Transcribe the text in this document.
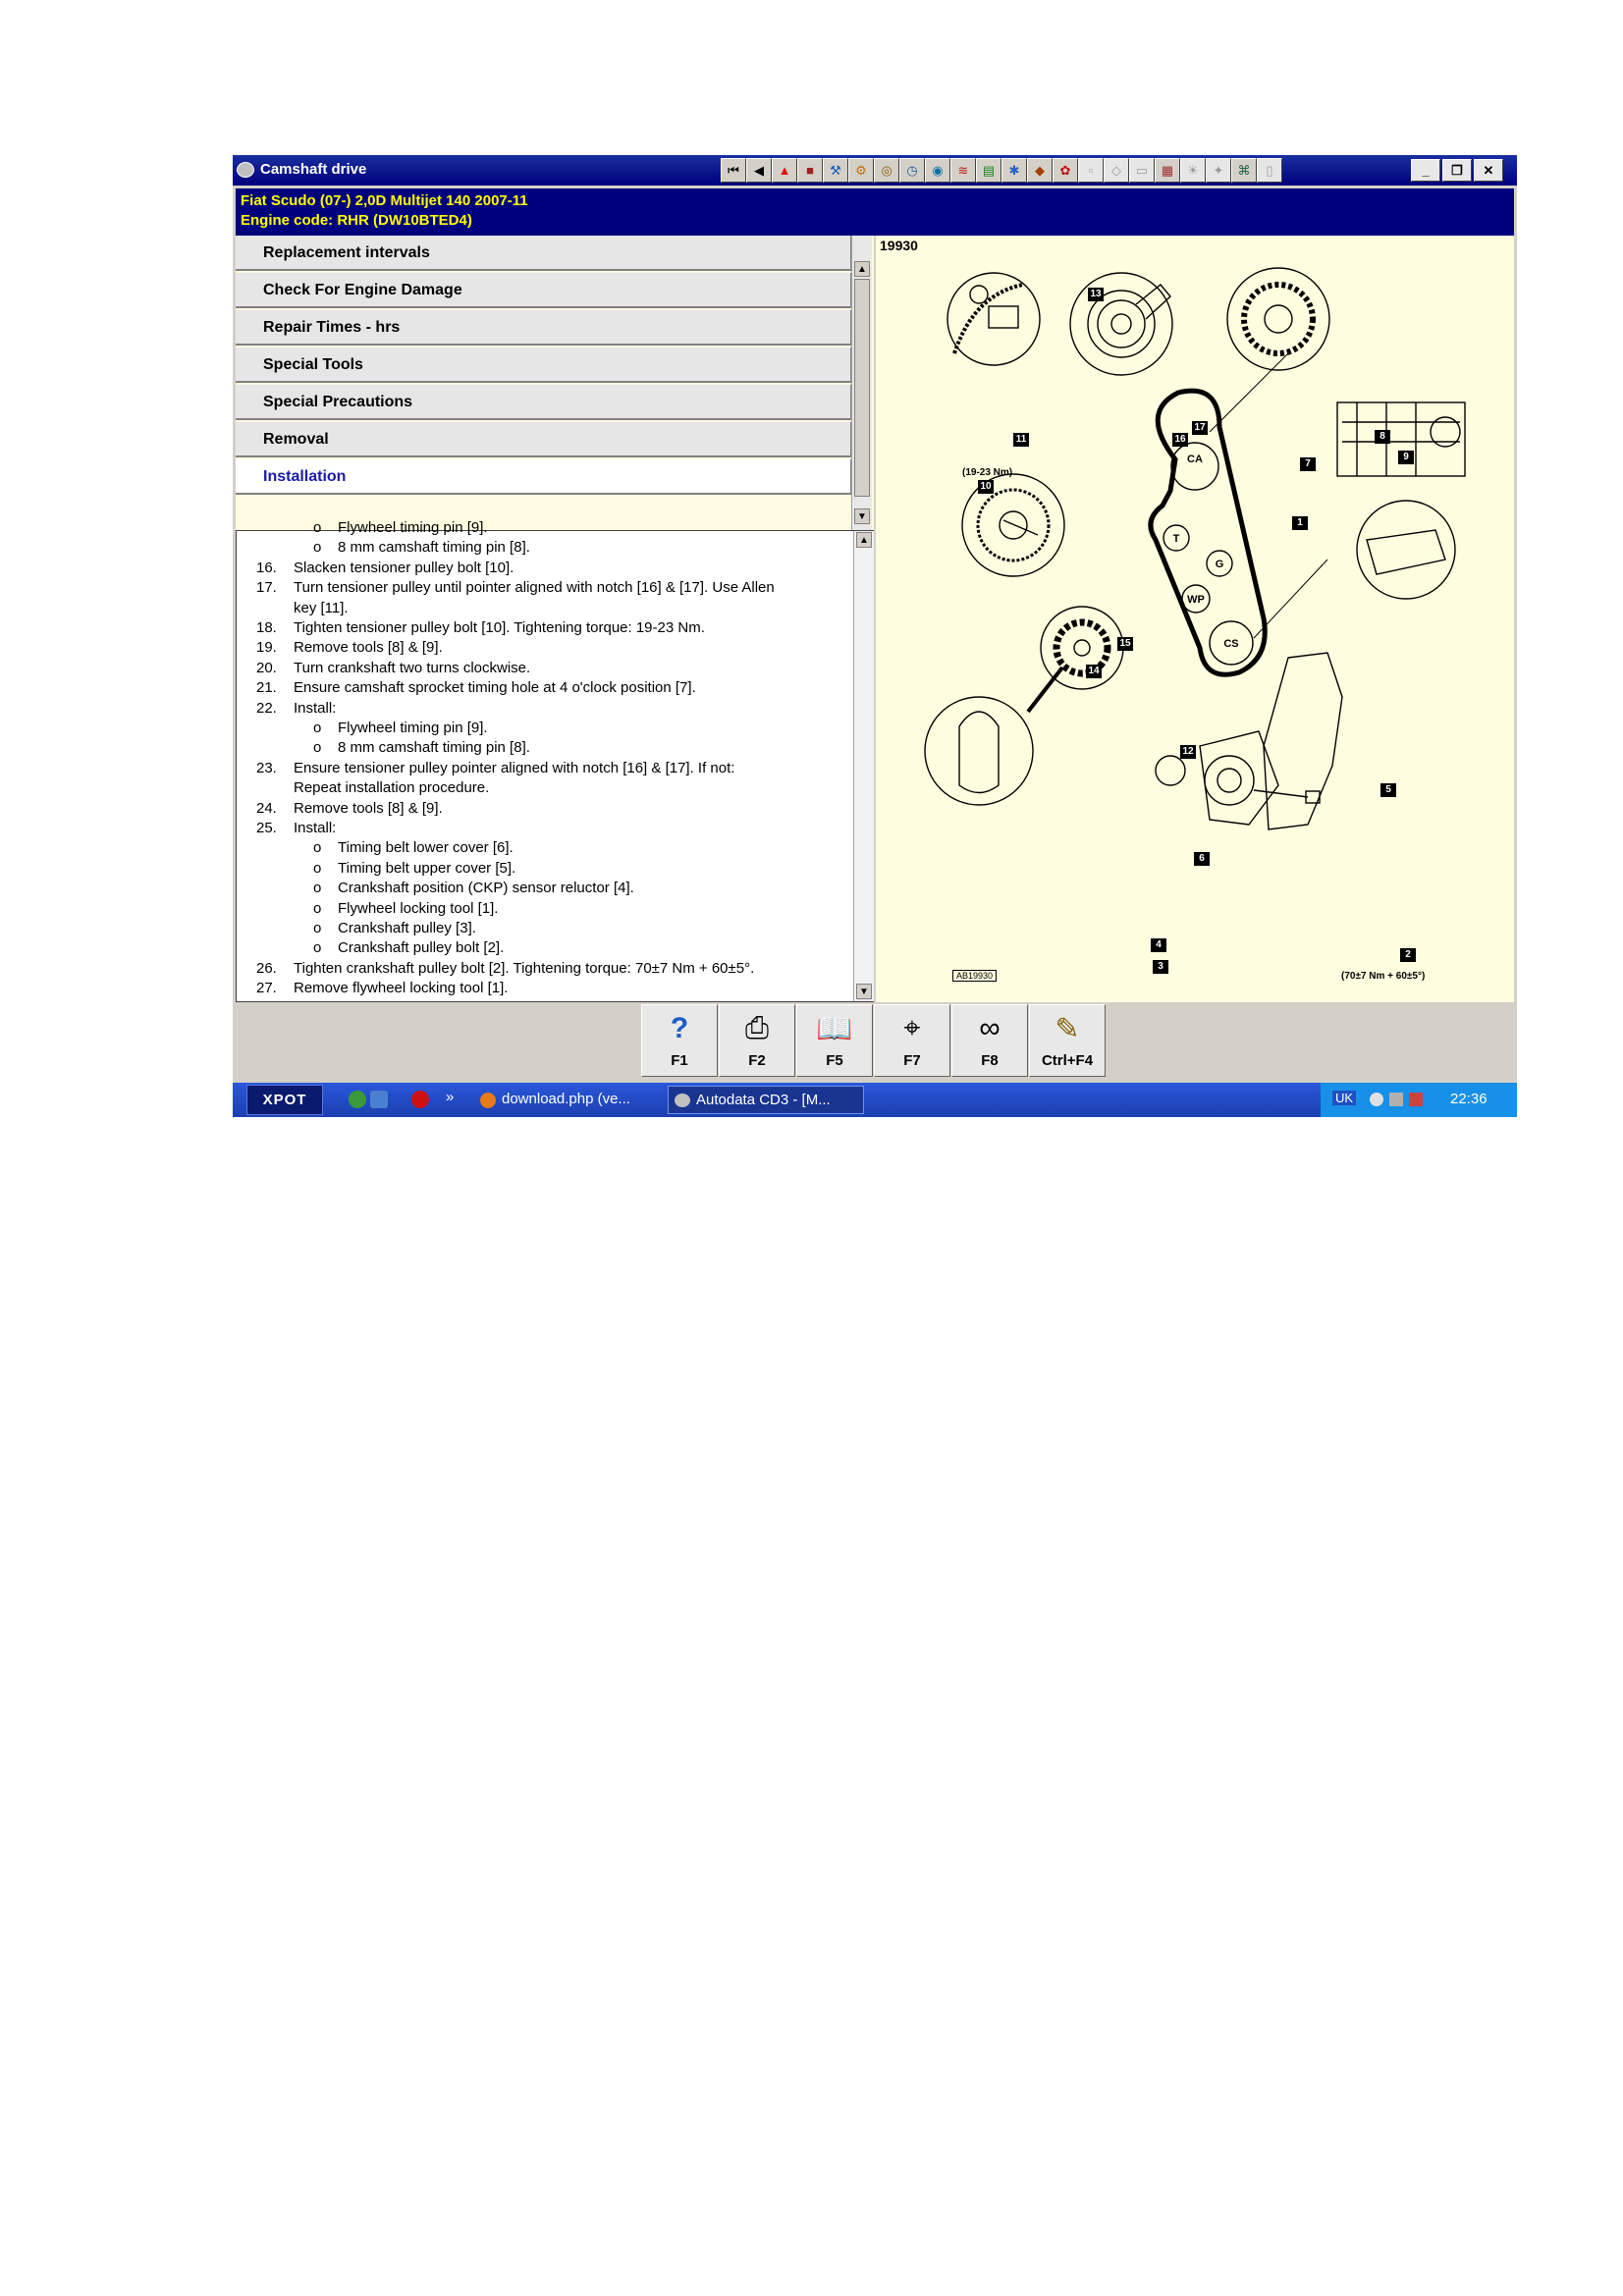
Camshaft drive	⏮	◀	▲	■	⚒	⚙	◎	◷	◉	≋	▤	✱	◆	✿	▫	◇	▭	▦	☀	✦	⌘	▯	_	❐	✕
Fiat Scudo (07-) 2,0D Multijet 140 2007-11
Engine code: RHR (DW10BTED4)
Replacement intervals
Check For Engine Damage
Repair Times - hrs
Special Tools
Special Precautions
Removal
Installation
▲
▼
o Flywheel timing pin [9].
o 8 mm camshaft timing pin [8].
16. Slacken tensioner pulley bolt [10].
17. Turn tensioner pulley until pointer aligned with notch [16] & [17]. Use Allen
key [11].
18. Tighten tensioner pulley bolt [10]. Tightening torque: 19-23 Nm.
19. Remove tools [8] & [9].
20. Turn crankshaft two turns clockwise.
21. Ensure camshaft sprocket timing hole at 4 o'clock position [7].
22. Install:
o Flywheel timing pin [9].
o 8 mm camshaft timing pin [8].
23. Ensure tensioner pulley pointer aligned with notch [16] & [17]. If not:
Repeat installation procedure.
24. Remove tools [8] & [9].
25. Install:
o Timing belt lower cover [6].
o Timing belt upper cover [5].
o Crankshaft position (CKP) sensor reluctor [4].
o Flywheel locking tool [1].
o Crankshaft pulley [3].
o Crankshaft pulley bolt [2].
26. Tighten crankshaft pulley bolt [2]. Tightening torque: 70±7 Nm + 60±5°.
27. Remove flywheel locking tool [1].
▲
▼
19930
CA
T
G
WP
CS
1
2
3
4
5
6
7
8
9
10
11
12
13
14
15
16
17
(19-23 Nm)
(70±7 Nm + 60±5°)
AB19930
?
F1
⎙
F2
📖
F5
⌖
F7
∞
F8
✎
Ctrl+F4
XPOT	»	download.php (ve...	Autodata CD3 - [M...	UK	22:36
